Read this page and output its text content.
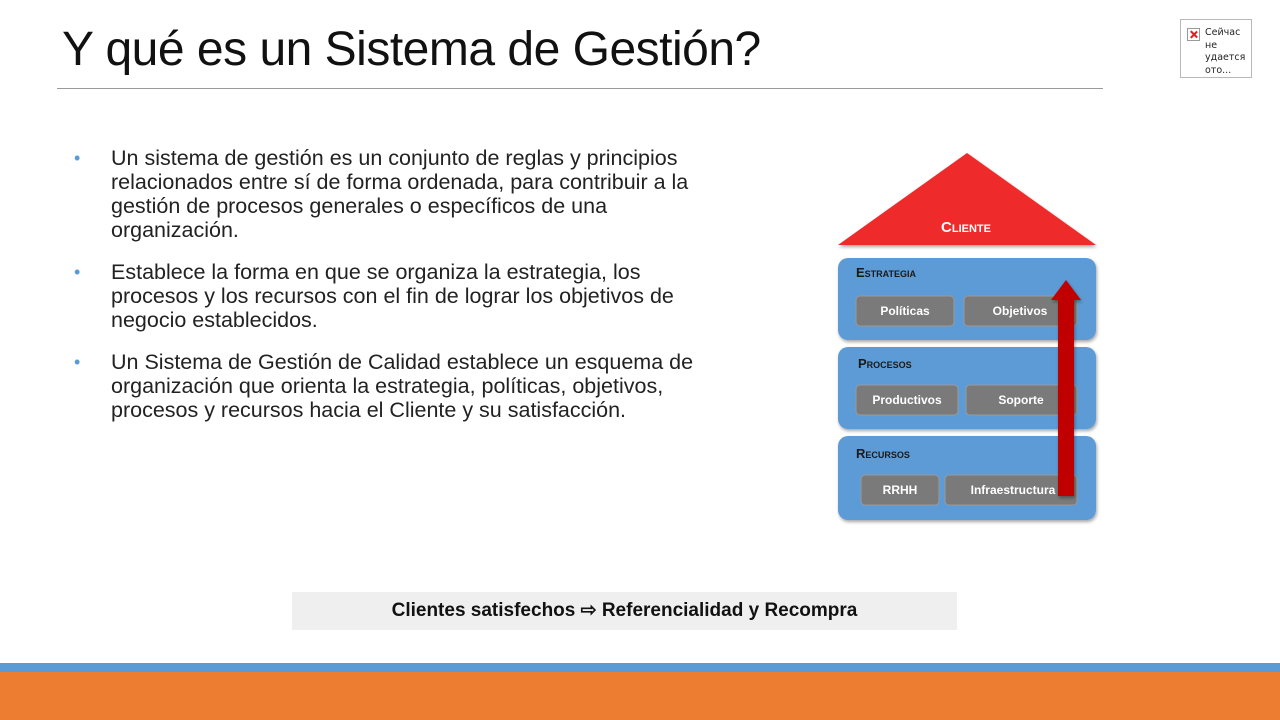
Y qué es un Sistema de Gestión?	Сейчас не удается ото...
• Un sistema de gestión es un conjunto de reglas y principios relacionados entre sí de forma ordenada, para contribuir a la gestión de procesos generales o específicos de una organización.
• Establece la forma en que se organiza la estrategia, los procesos y los recursos con el fin de lograr los objetivos de negocio establecidos.
• Un Sistema de Gestión de Calidad establece un esquema de organización que orienta la estrategia, políticas, objetivos, procesos y recursos hacia el Cliente y su satisfacción.
Cliente
Estrategia
Políticas	Objetivos
Procesos
Productivos	Soporte
Recursos
RRHH	Infraestructura
Clientes satisfechos ⇨ Referencialidad y Recompra
